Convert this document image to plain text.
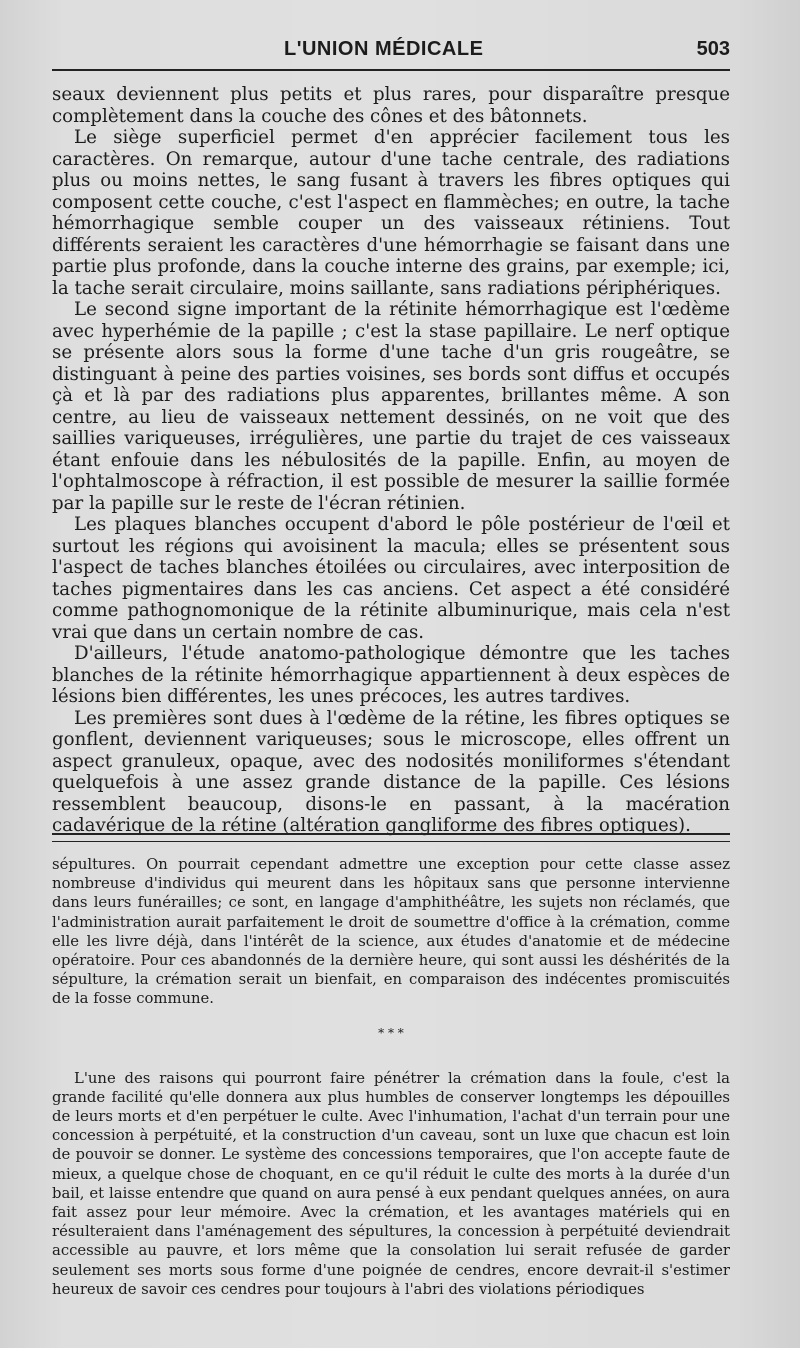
L'UNION MÉDICALE	503

seaux deviennent plus petits et plus rares, pour disparaître presque complètement dans la couche des cônes et des bâtonnets.

Le siège superficiel permet d'en apprécier facilement tous les caractères. On remarque, autour d'une tache centrale, des radiations plus ou moins nettes, le sang fusant à travers les fibres optiques qui composent cette couche, c'est l'aspect en flammèches; en outre, la tache hémorrhagique semble couper un des vaisseaux rétiniens. Tout différents seraient les caractères d'une hémorrhagie se faisant dans une partie plus profonde, dans la couche interne des grains, par exemple; ici, la tache serait circulaire, moins saillante, sans radiations périphériques.

Le second signe important de la rétinite hémorrhagique est l'œdème avec hyperhémie de la papille ; c'est la stase papillaire. Le nerf optique se présente alors sous la forme d'une tache d'un gris rougeâtre, se distinguant à peine des parties voisines, ses bords sont diffus et occupés çà et là par des radiations plus apparentes, brillantes même. A son centre, au lieu de vaisseaux nettement dessinés, on ne voit que des saillies variqueuses, irrégulières, une partie du trajet de ces vaisseaux étant enfouie dans les nébulosités de la papille. Enfin, au moyen de l'ophtalmoscope à réfraction, il est possible de mesurer la saillie formée par la papille sur le reste de l'écran rétinien.

Les plaques blanches occupent d'abord le pôle postérieur de l'œil et surtout les régions qui avoisinent la macula; elles se présentent sous l'aspect de taches blanches étoilées ou circulaires, avec interposition de taches pigmentaires dans les cas anciens. Cet aspect a été considéré comme pathognomonique de la rétinite albuminurique, mais cela n'est vrai que dans un certain nombre de cas.

D'ailleurs, l'étude anatomo-pathologique démontre que les taches blanches de la rétinite hémorrhagique appartiennent à deux espèces de lésions bien différentes, les unes précoces, les autres tardives.

Les premières sont dues à l'œdème de la rétine, les fibres optiques se gonflent, deviennent variqueuses; sous le microscope, elles offrent un aspect granuleux, opaque, avec des nodosités moniliformes s'étendant quelquefois à une assez grande distance de la papille. Ces lésions ressemblent beaucoup, disons-le en passant, à la macération cadavérique de la rétine (altération gangliforme des fibres optiques).

sépultures. On pourrait cependant admettre une exception pour cette classe assez nombreuse d'individus qui meurent dans les hôpitaux sans que personne intervienne dans leurs funérailles; ce sont, en langage d'amphithéâtre, les sujets non réclamés, que l'administration aurait parfaitement le droit de soumettre d'office à la crémation, comme elle les livre déjà, dans l'intérêt de la science, aux études d'anatomie et de médecine opératoire. Pour ces abandonnés de la dernière heure, qui sont aussi les déshérités de la sépulture, la crémation serait un bienfait, en comparaison des indécentes promiscuités de la fosse commune.

* * *

L'une des raisons qui pourront faire pénétrer la crémation dans la foule, c'est la grande facilité qu'elle donnera aux plus humbles de conserver longtemps les dépouilles de leurs morts et d'en perpétuer le culte. Avec l'inhumation, l'achat d'un terrain pour une concession à perpétuité, et la construction d'un caveau, sont un luxe que chacun est loin de pouvoir se donner. Le système des concessions temporaires, que l'on accepte faute de mieux, a quelque chose de choquant, en ce qu'il réduit le culte des morts à la durée d'un bail, et laisse entendre que quand on aura pensé à eux pendant quelques années, on aura fait assez pour leur mémoire. Avec la crémation, et les avantages matériels qui en résulteraient dans l'aménagement des sépultures, la concession à perpétuité deviendrait accessible au pauvre, et lors même que la consolation lui serait refusée de garder seulement ses morts sous forme d'une poignée de cendres, encore devrait-il s'estimer heureux de savoir ces cendres pour toujours à l'abri des violations périodiques
